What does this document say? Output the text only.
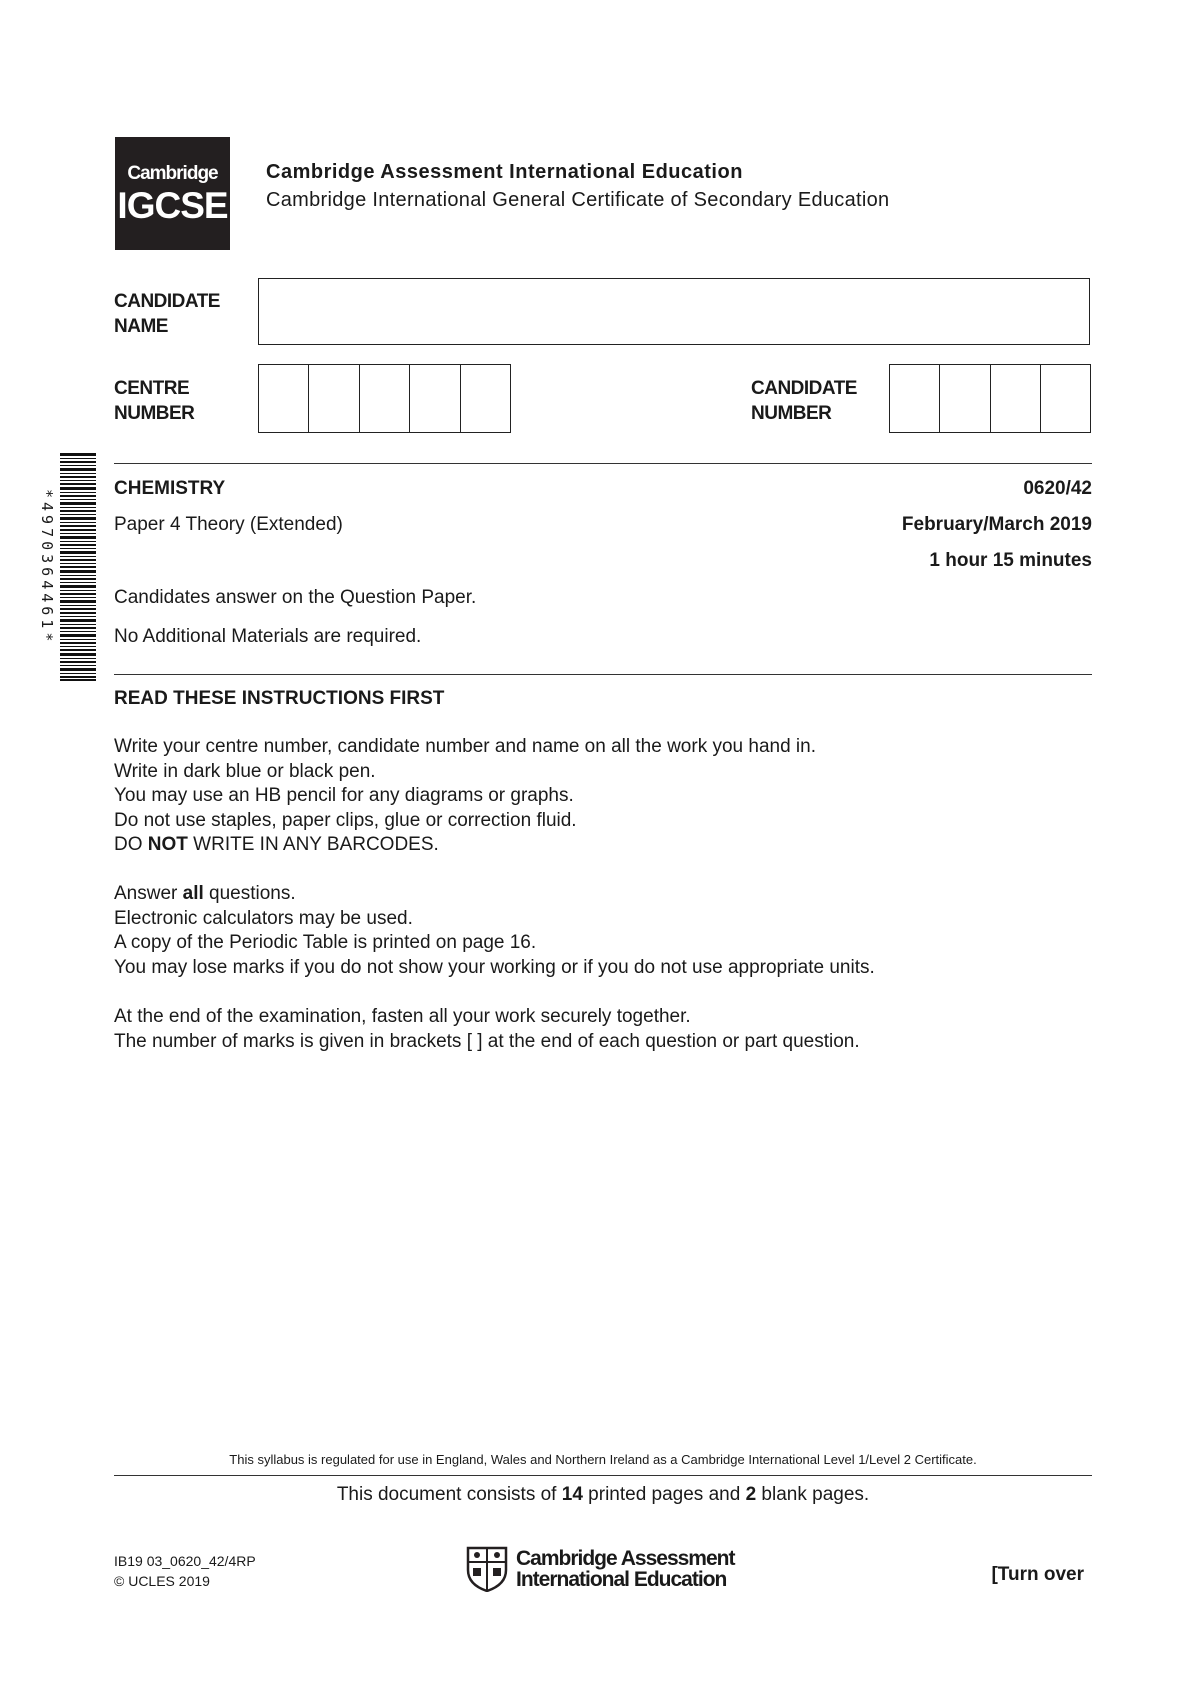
Cambridge
IGCSE
Cambridge Assessment International Education
Cambridge International General Certificate of Secondary Education
CANDIDATE
NAME
CENTRE
NUMBER
CANDIDATE
NUMBER
*4970364461*
CHEMISTRY	0620/42
Paper 4 Theory (Extended)	February/March 2019
1 hour 15 minutes
Candidates answer on the Question Paper.
No Additional Materials are required.
READ THESE INSTRUCTIONS FIRST
Write your centre number, candidate number and name on all the work you hand in.
Write in dark blue or black pen.
You may use an HB pencil for any diagrams or graphs.
Do not use staples, paper clips, glue or correction fluid.
DO NOT WRITE IN ANY BARCODES.
Answer all questions.
Electronic calculators may be used.
A copy of the Periodic Table is printed on page 16.
You may lose marks if you do not show your working or if you do not use appropriate units.
At the end of the examination, fasten all your work securely together.
The number of marks is given in brackets [ ] at the end of each question or part question.
This syllabus is regulated for use in England, Wales and Northern Ireland as a Cambridge International Level 1/Level 2 Certificate.
This document consists of 14 printed pages and 2 blank pages.
IB19 03_0620_42/4RP
© UCLES 2019
Cambridge Assessment
International Education	[Turn over
